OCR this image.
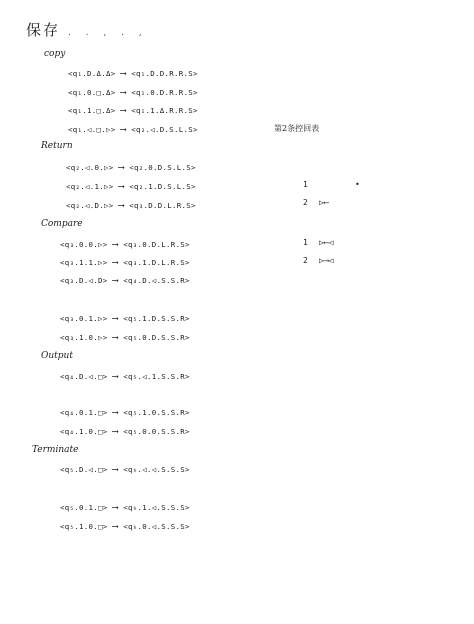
保存 . . , . ,
copy
Return
Compare
Output
Terminate
<q₁.D.Δ.Δ> ⟶ <q₁.D.D.R.R.S>
<q₁.0.□.Δ> ⟶ <q₁.0.D.R.R.S>
<q₁.1.□.Δ> ⟶ <q₁.1.Δ.R.R.S>
<q₁.◁.□.▷> ⟶ <q₂.◁.D.S.L.S>	第2条控回表
<q₂.◁.0.▷> ⟶ <q₂.0.D.S.L.S>
<q₂.◁.1.▷> ⟶ <q₂.1.D.S.L.S>
<q₂.◁.D.▷> ⟶ <q₃.D.D.L.R.S>
1	•
2 ▷⟵
<q₃.0.0.▷> ⟶ <q₃.0.D.L.R.S>
<q₃.1.1.▷> ⟶ <q₃.1.D.L.R.S>
<q₃.D.◁.D> ⟶ <q₄.D.◁.S.S.R>
1 ▷⟵◁
2 ▷⟶◁
<q₃.0.1.▷> ⟶ <q₅.1.D.S.S.R>
<q₃.1.0.▷> ⟶ <q₅.0.D.S.S.R>
<q₄.D.◁.□> ⟶ <q₅.◁.1.S.S.R>
<q₄.0.1.□> ⟶ <q₅.1.0.S.S.R>
<q₄.1.0.□> ⟶ <q₅.0.0.S.S.R>
<q₅.D.◁.□> ⟶ <qₕ.◁.◁.S.S.S>
<q₅.0.1.□> ⟶ <qₕ.1.◁.S.S.S>
<q₅.1.0.□> ⟶ <qₕ.0.◁.S.S.S>
